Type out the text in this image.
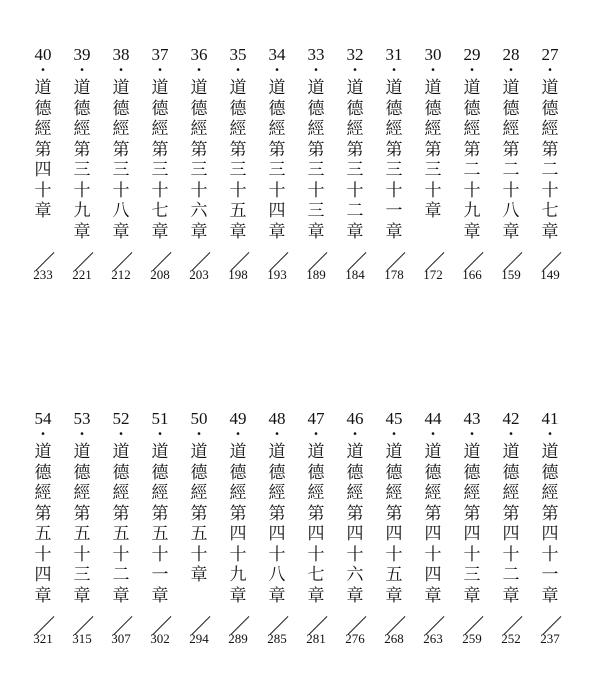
40
・
道
德
經
第
四
十
章
233
39
・
道
德
經
第
三
十
九
章
221
38
・
道
德
經
第
三
十
八
章
212
37
・
道
德
經
第
三
十
七
章
208
36
・
道
德
經
第
三
十
六
章
203
35
・
道
德
經
第
三
十
五
章
198
34
・
道
德
經
第
三
十
四
章
193
33
・
道
德
經
第
三
十
三
章
189
32
・
道
德
經
第
三
十
二
章
184
31
・
道
德
經
第
三
十
一
章
178
30
・
道
德
經
第
三
十
章
172
29
・
道
德
經
第
二
十
九
章
166
28
・
道
德
經
第
二
十
八
章
159
27
・
道
德
經
第
二
十
七
章
149
54
・
道
德
經
第
五
十
四
章
321
53
・
道
德
經
第
五
十
三
章
315
52
・
道
德
經
第
五
十
二
章
307
51
・
道
德
經
第
五
十
一
章
302
50
・
道
德
經
第
五
十
章
294
49
・
道
德
經
第
四
十
九
章
289
48
・
道
德
經
第
四
十
八
章
285
47
・
道
德
經
第
四
十
七
章
281
46
・
道
德
經
第
四
十
六
章
276
45
・
道
德
經
第
四
十
五
章
268
44
・
道
德
經
第
四
十
四
章
263
43
・
道
德
經
第
四
十
三
章
259
42
・
道
德
經
第
四
十
二
章
252
41
・
道
德
經
第
四
十
一
章
237
